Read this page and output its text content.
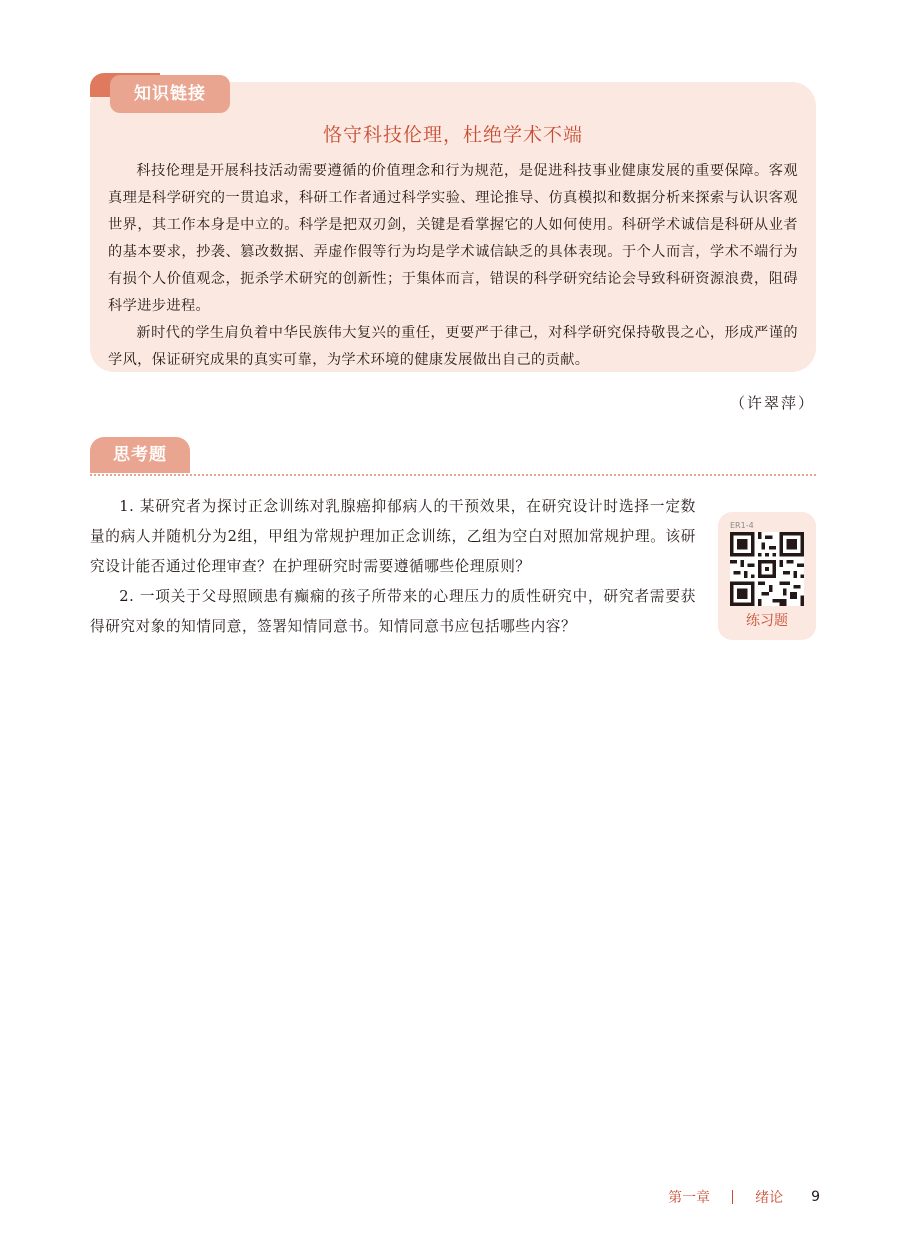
知识链接
恪守科技伦理，杜绝学术不端

科技伦理是开展科技活动需要遵循的价值理念和行为规范，是促进科技事业健康发展的重要保障。客观真理是科学研究的一贯追求，科研工作者通过科学实验、理论推导、仿真模拟和数据分析来探索与认识客观世界，其工作本身是中立的。科学是把双刃剑，关键是看掌握它的人如何使用。科研学术诚信是科研从业者的基本要求，抄袭、篡改数据、弄虚作假等行为均是学术诚信缺乏的具体表现。于个人而言，学术不端行为有损个人价值观念，扼杀学术研究的创新性；于集体而言，错误的科学研究结论会导致科研资源浪费，阻碍科学进步进程。

新时代的学生肩负着中华民族伟大复兴的重任，更要严于律己，对科学研究保持敬畏之心，形成严谨的学风，保证研究成果的真实可靠，为学术环境的健康发展做出自己的贡献。

（许翠萍）
思考题

1. 某研究者为探讨正念训练对乳腺癌抑郁病人的干预效果，在研究设计时选择一定数量的病人并随机分为2组，甲组为常规护理加正念训练，乙组为空白对照加常规护理。该研究设计能否通过伦理审查？在护理研究时需要遵循哪些伦理原则？

2. 一项关于父母照顾患有癫痫的孩子所带来的心理压力的质性研究中，研究者需要获得研究对象的知情同意，签署知情同意书。知情同意书应包括哪些内容？

ER1-4
练习题
第一章	绪论 9
